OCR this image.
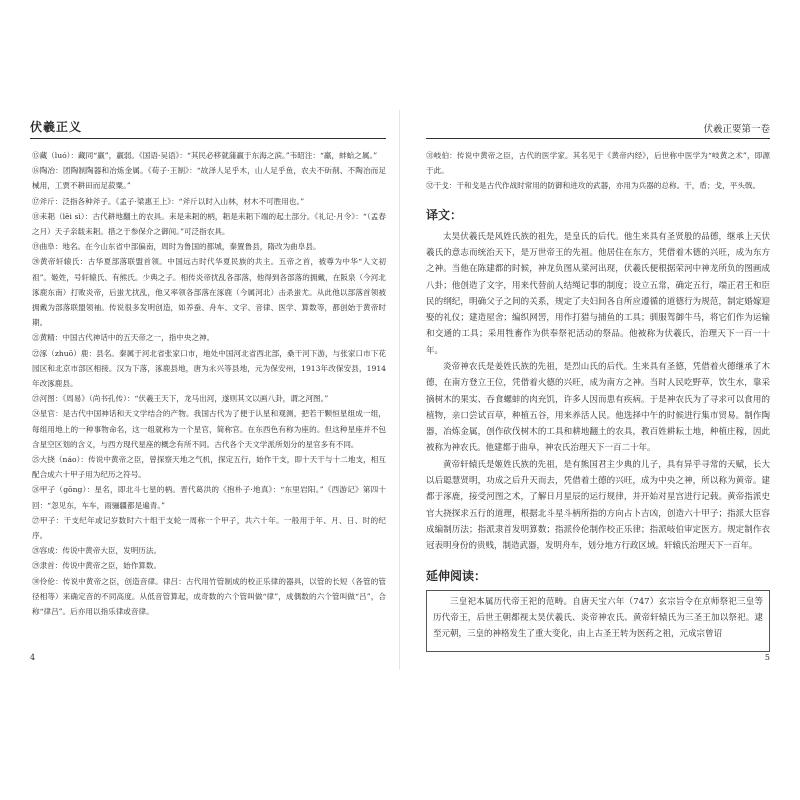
伏羲正义

⑮藏（luó）：藏同“羸”，羸弱。《国语·吴语》：“其民必移就蒲羸于东海之滨。”韦昭注：“羸，蚌蛤之属。”

⑯陶冶：团陶制陶器和冶炼金属。《荀子·王制》：“故泽人足乎木，山人足乎鱼，农夫不斫削、不陶冶而足械用，工贾不耕田而足菽粟。”

⑰斧斤：泛指各种斧子。《孟子·梁惠王上》：“斧斤以时入山林，材木不可胜用也。”

⑱耒耜（lěi sì）：古代耕地翻土的农具。耒是耒耜的柄，耜是耒耜下端的起土部分。《礼记·月令》：“（孟春之月）天子亲载耒耜。措之于参保介之御间。”可泛指农具。

⑲曲阜：地名。在今山东省中部偏南，周时为鲁国的都城，秦置鲁县，隋改为曲阜县。

⑳黄帝轩辕氏：古华夏部落联盟首领。中国远古时代华夏民族的共主。五帝之首，被尊为中华“人文初祖”。姬姓，号轩辕氏、有熊氏。少典之子。相传炎帝扰乱各部落，他得到各部落的拥戴，在阪泉（今河北涿鹿东南）打败炎帝，后蚩尤扰乱，他又率领各部落在涿鹿（今属河北）击杀蚩尤。从此他以部落首领被拥戴为部落联盟领袖。传说很多发明创造，如养蚕、舟车、文字、音律、医学、算数等，都创始于黄帝时期。

㉑黄精：中国古代神话中的五天帝之一，指中央之神。

㉒涿（zhuō）鹿：县名。秦属于河北省张家口市，地处中国河北省西北部，桑干河下游，与张家口市下花园区和北京市部区相接。汉为下落，涿鹿县地，唐为永兴等县地，元为保安州，1913年改保安县，1914年改涿鹿县。

㉓河图：《周易》（尚书孔传）：“伏羲王天下，龙马出河，遂则其文以画八卦，谓之河图。”

㉔星官：是古代中国神话和天文学结合的产物。我国古代为了便于认星和观测，把若干颗恒星组成一组，每组用地上的一种事物命名，这一组就称为一个星官，简称官。在东西色有称为座的。但这种星座并不包含星空区划的含义，与西方现代星座的概念有所不同。古代各个天文学派所划分的星官多有不同。

㉕大挠（náo）：传说中黄帝之臣，曾探察天地之气机，探定五行，始作干支，即十天干与十二地支，相互配合成六十甲子用为纪历之符号。

㉖甲子（gōng）：星名，即北斗七星的柄。晋代葛洪的《抱朴子·地真》：“东里岩阳。”《西游记》第四十回：“忽见东，车车，雨骊疆都是遍青。”

㉗甲子：干支纪年或记岁数时六十组干支轮一周称一个甲子，共六十年。一般用于年、月、日、时的纪序。

㉘容成：传说中黄帝大臣，发明历法。

㉙隶首：传说中黄帝之臣，始作算数。

㉚伶伦：传说中黄帝之臣，创造音律。律吕：古代用竹管制成的校正乐律的器具，以管的长短（各管的管径相等）来确定音的不同高度。从低音管算起，成奇数的六个管叫做“律”，成偶数的六个管叫做“吕”，合称“律吕”。后亦用以指乐律或音律。

4
伏羲正要第一卷

㉛岐伯：传说中黄帝之臣，古代的医学家。其名见于《黄帝内经》，后世称中医学为“岐黄之术”，即源于此。

㉜干戈：干和戈是古代作战时常用的防御和进攻的武器，亦用为兵器的总称。干，盾；戈，平头戟。

译文：

太昊伏羲氏是风姓氏族的祖先，是皇氏的后代。他生来具有圣贤般的品德，继承上天伏羲氏的意志而统治天下，是万世帝王的先祖。他居住在东方，凭借着木德的兴旺，成为东方之神。当他在陈建都的时候，神龙负图从菜河出现，伏羲氏便根据荣河中神龙所负的图画成八卦；他创造了文字，用来代替前人结绳记事的制度；设立五常，确定五行，端正君王和臣民的纲纪，明确父子之间的关系，规定了夫妇间各自所应遵循的道德行为规范，制定婚嫁迎娶的礼仪；建造屋舍；编织网罟，用作打猎与捕鱼的工具；驯服驾御牛马，将它们作为运输和交通的工具；采用牲畜作为供奉祭祀活动的祭品。他被称为伏羲氏，治理天下一百一十年。

炎帝神农氏是姜姓氏族的先祖，是烈山氏的后代。生来具有圣德，凭借着火德继承了木德，在南方登立王位，凭借着火德的兴旺，成为南方之神。当时人民吃野草，饮生水，靠采摘树木的果实、吞食螺蚌的肉充饥，许多人因而患有疾病。于是神农氏为了寻求可以食用的植物，亲口尝试百草，种植五谷，用来养活人民。他选择中午的时候进行集市贸易。制作陶器，冶炼金属，创作砍伐树木的工具和耕地翻土的农具，教百姓耕耘土地，种植庄稼，因此被称为神农氏。他建都于曲阜，神农氏治理天下一百二十年。

黄帝轩辕氏是姬姓氏族的先祖，是有熊国君主少典的儿子，具有异乎寻常的天赋，长大以后聪慧贤明，功成之后升天而去，凭借着土德的兴旺，成为中央之神，所以称为黄帝。建都于涿鹿，接受河图之术，了解日月星辰的运行规律，并开始对星宫进行记载。黄帝指派史官大挠探求五行的道理，根据北斗星斗柄所指的方向占卜吉凶，创造六十甲子；指派大臣容成编制历法；指派隶首发明算数；指派伶伦制作校正乐律；指派岐伯审定医方。规定制作衣冠表明身份的贵贱，制造武器，发明舟车，划分地方行政区域。轩辕氏治理天下一百年。

延伸阅读：

三皇祀本属历代帝王祀的范畴。自唐天宝六年（747）玄宗旨令在京师祭祀三皇等历代帝王，后世王朝都视太昊伏羲氏、炎帝神农氏、黄帝轩辕氏为三圣王加以祭祀。逮至元朝，三皇的神格发生了重大变化，由上古圣王转为医药之祖，元成宗曾诏

5
